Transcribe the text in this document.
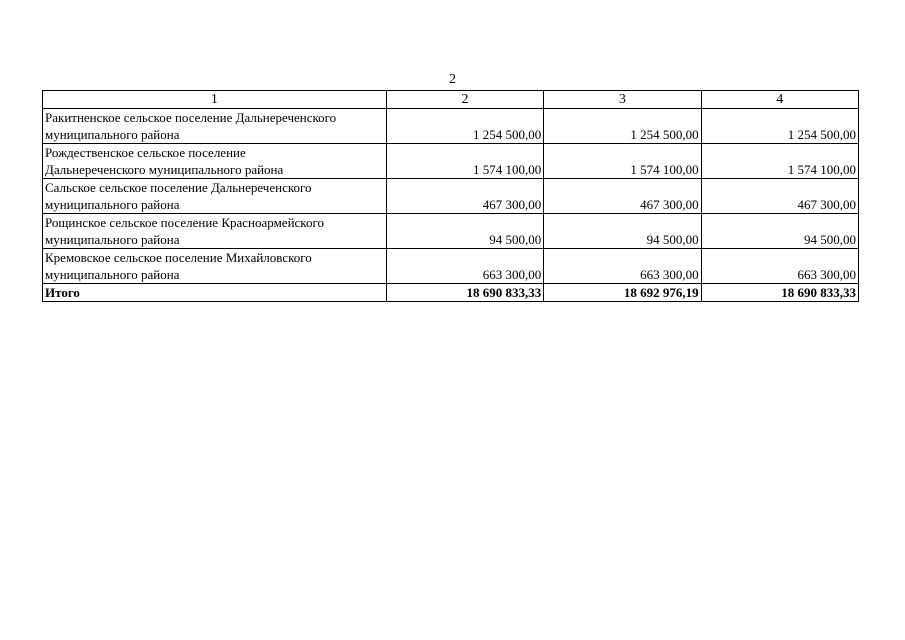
2
1	2	3	4
Ракитненское сельское поселение Дальнереченского муниципального района	1 254 500,00	1 254 500,00	1 254 500,00
Рождественское сельское поселение Дальнереченского муниципального района	1 574 100,00	1 574 100,00	1 574 100,00
Сальское сельское поселение Дальнереченского муниципального района	467 300,00	467 300,00	467 300,00
Рощинское сельское поселение Красноармейского муниципального района	94 500,00	94 500,00	94 500,00
Кремовское сельское поселение Михайловского муниципального района	663 300,00	663 300,00	663 300,00
Итого	18 690 833,33	18 692 976,19	18 690 833,33
